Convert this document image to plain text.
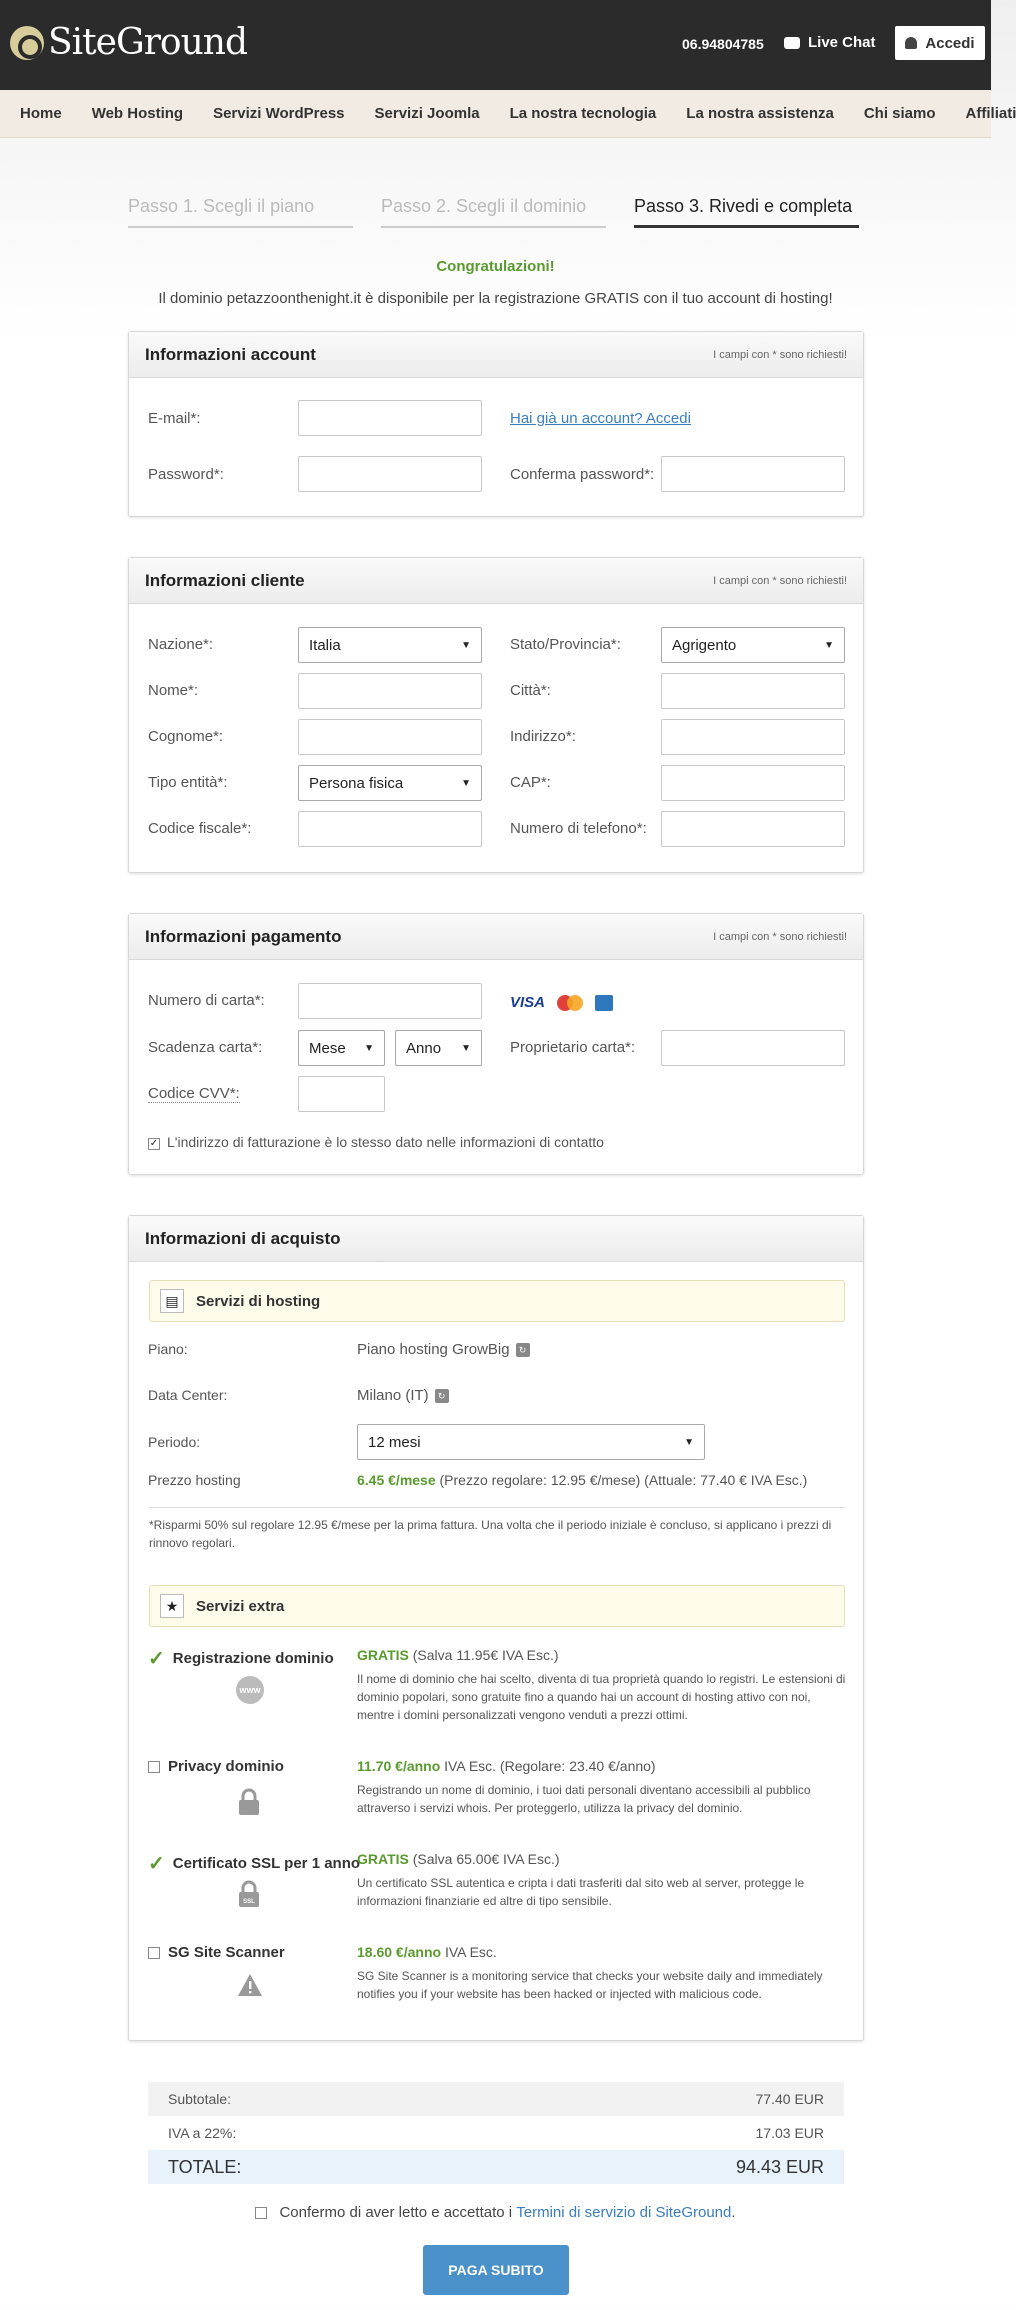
SiteGround	06.94804785	Live Chat	Accedi
Home Web Hosting Servizi WordPress Servizi Joomla La nostra tecnologia La nostra assistenza Chi siamo Affiliati
Passo 1. Scegli il piano	Passo 2. Scegli il dominio	Passo 3. Rivedi e completa
Congratulazioni!
Il dominio petazzoonthenight.it è disponibile per la registrazione GRATIS con il tuo account di hosting!
Informazioni account	I campi con * sono richiesti!
E-mail*:	Hai già un account? Accedi
Password*:	Conferma password*:
Informazioni cliente	I campi con * sono richiesti!
Nazione*:	Italia	▼	Stato/Provincia*:	Agrigento	▼
Nome*:	Città*:
Cognome*:	Indirizzo*:
Tipo entità*:	Persona fisica	▼	CAP*:
Codice fiscale*:	Numero di telefono*:
Informazioni pagamento	I campi con * sono richiesti!
Numero di carta*:	VISA
Scadenza carta*:	Mese ▼ Anno ▼	Proprietario carta*:
Codice CVV*:
✓ L'indirizzo di fatturazione è lo stesso dato nelle informazioni di contatto
Informazioni di acquisto
▤	Servizi di hosting
Piano:	Piano hosting GrowBig ↻
Data Center:	Milano (IT) ↻
Periodo:	12 mesi	▼
Prezzo hosting	6.45 €/mese (Prezzo regolare: 12.95 €/mese) (Attuale: 77.40 € IVA Esc.)
*Risparmi 50% sul regolare 12.95 €/mese per la prima fattura. Una volta che il periodo iniziale è concluso, si applicano i prezzi di rinnovo regolari.
★	Servizi extra
✓ Registrazione dominio
www
GRATIS (Salva 11.95€ IVA Esc.)
Il nome di dominio che hai scelto, diventa di tua proprietà quando lo registri. Le estensioni di dominio popolari, sono gratuite fino a quando hai un account di hosting attivo con noi, mentre i domini personalizzati vengono venduti a prezzi ottimi.
Privacy dominio	11.70 €/anno IVA Esc. (Regolare: 23.40 €/anno)
Registrando un nome di dominio, i tuoi dati personali diventano accessibili al pubblico attraverso i servizi whois. Per proteggerlo, utilizza la privacy del dominio.
✓ Certificato SSL per 1 anno
SSL
GRATIS (Salva 65.00€ IVA Esc.)
Un certificato SSL autentica e cripta i dati trasferiti dal sito web al server, protegge le informazioni finanziarie ed altre di tipo sensibile.
SG Site Scanner	18.60 €/anno IVA Esc.
SG Site Scanner is a monitoring service that checks your website daily and immediately notifies you if your website has been hacked or injected with malicious code.
Subtotale:	77.40 EUR
IVA a 22%:	17.03 EUR
TOTALE:	94.43 EUR
Confermo di aver letto e accettato i
Termini di servizio di SiteGround .
PAGA SUBITO
